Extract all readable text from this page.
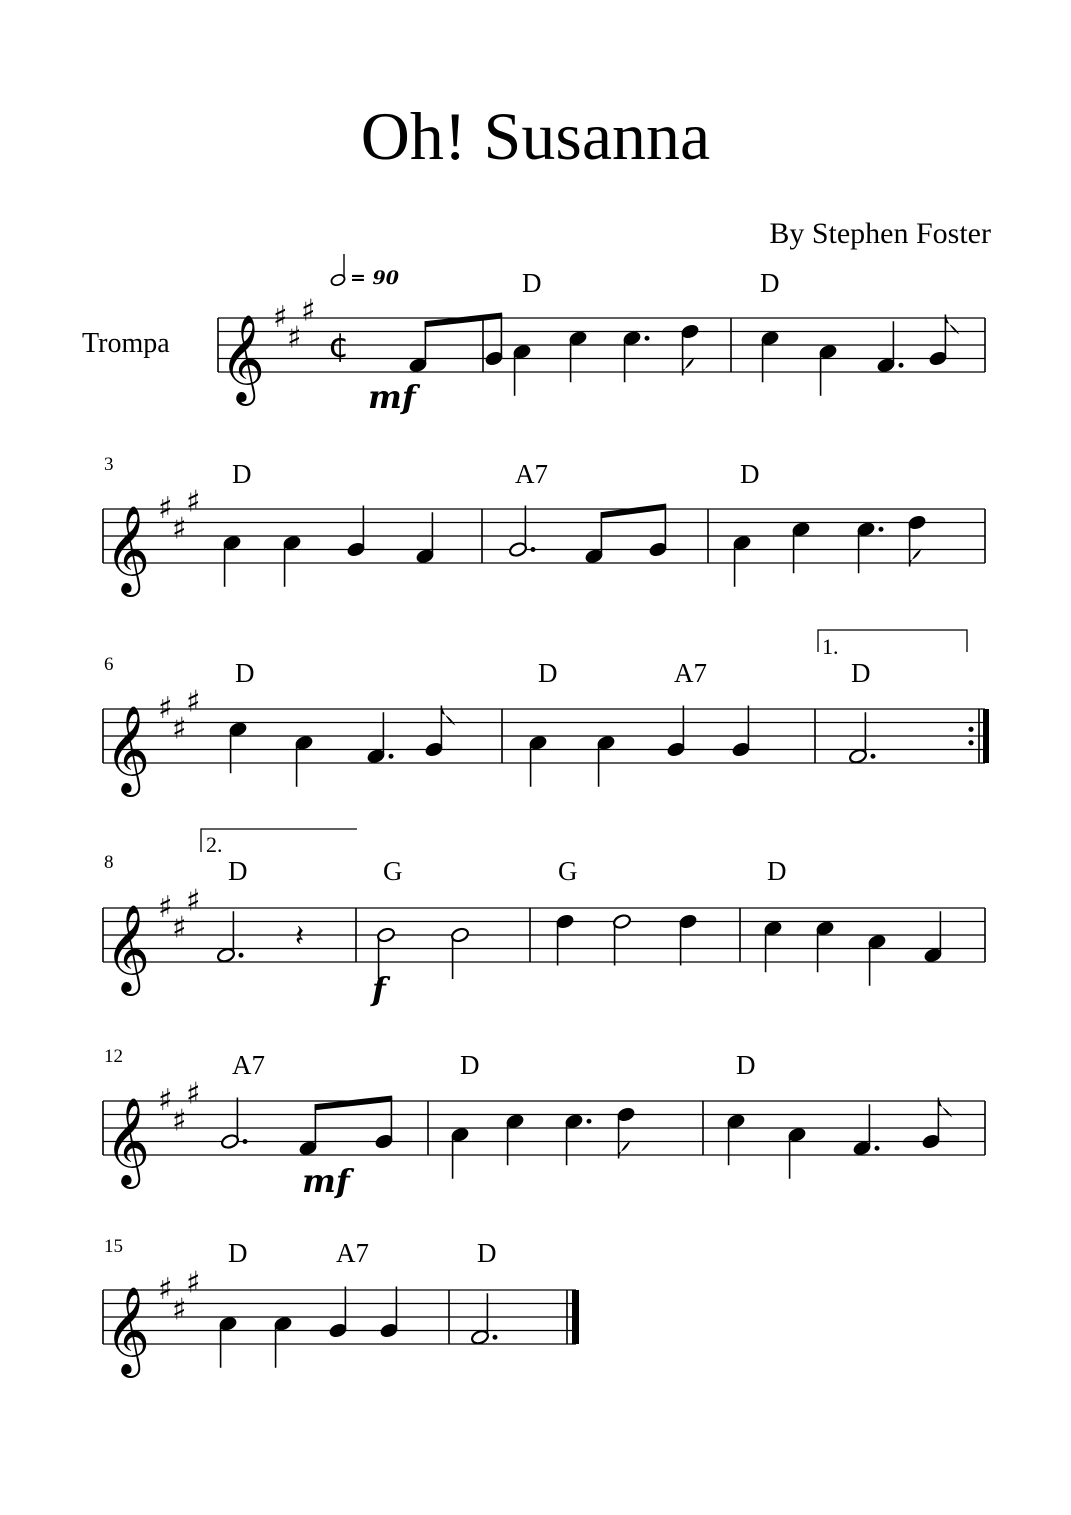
Oh! Susanna
By Stephen Foster
Trompa 𝄞 ♯
♯
♯
¢
𝄞 ♯
♯
♯
𝄞 ♯
♯
♯
𝄞 ♯
♯
♯
𝄽
𝄞 ♯
♯
♯
𝄞 ♯
♯
♯
D	D
D	A7	D
D	D	A7	D
D	G	G	D
A7	D	D
D	A7	D
3
6
8
12
15
= 90
mf
f
mf
1.
2.
